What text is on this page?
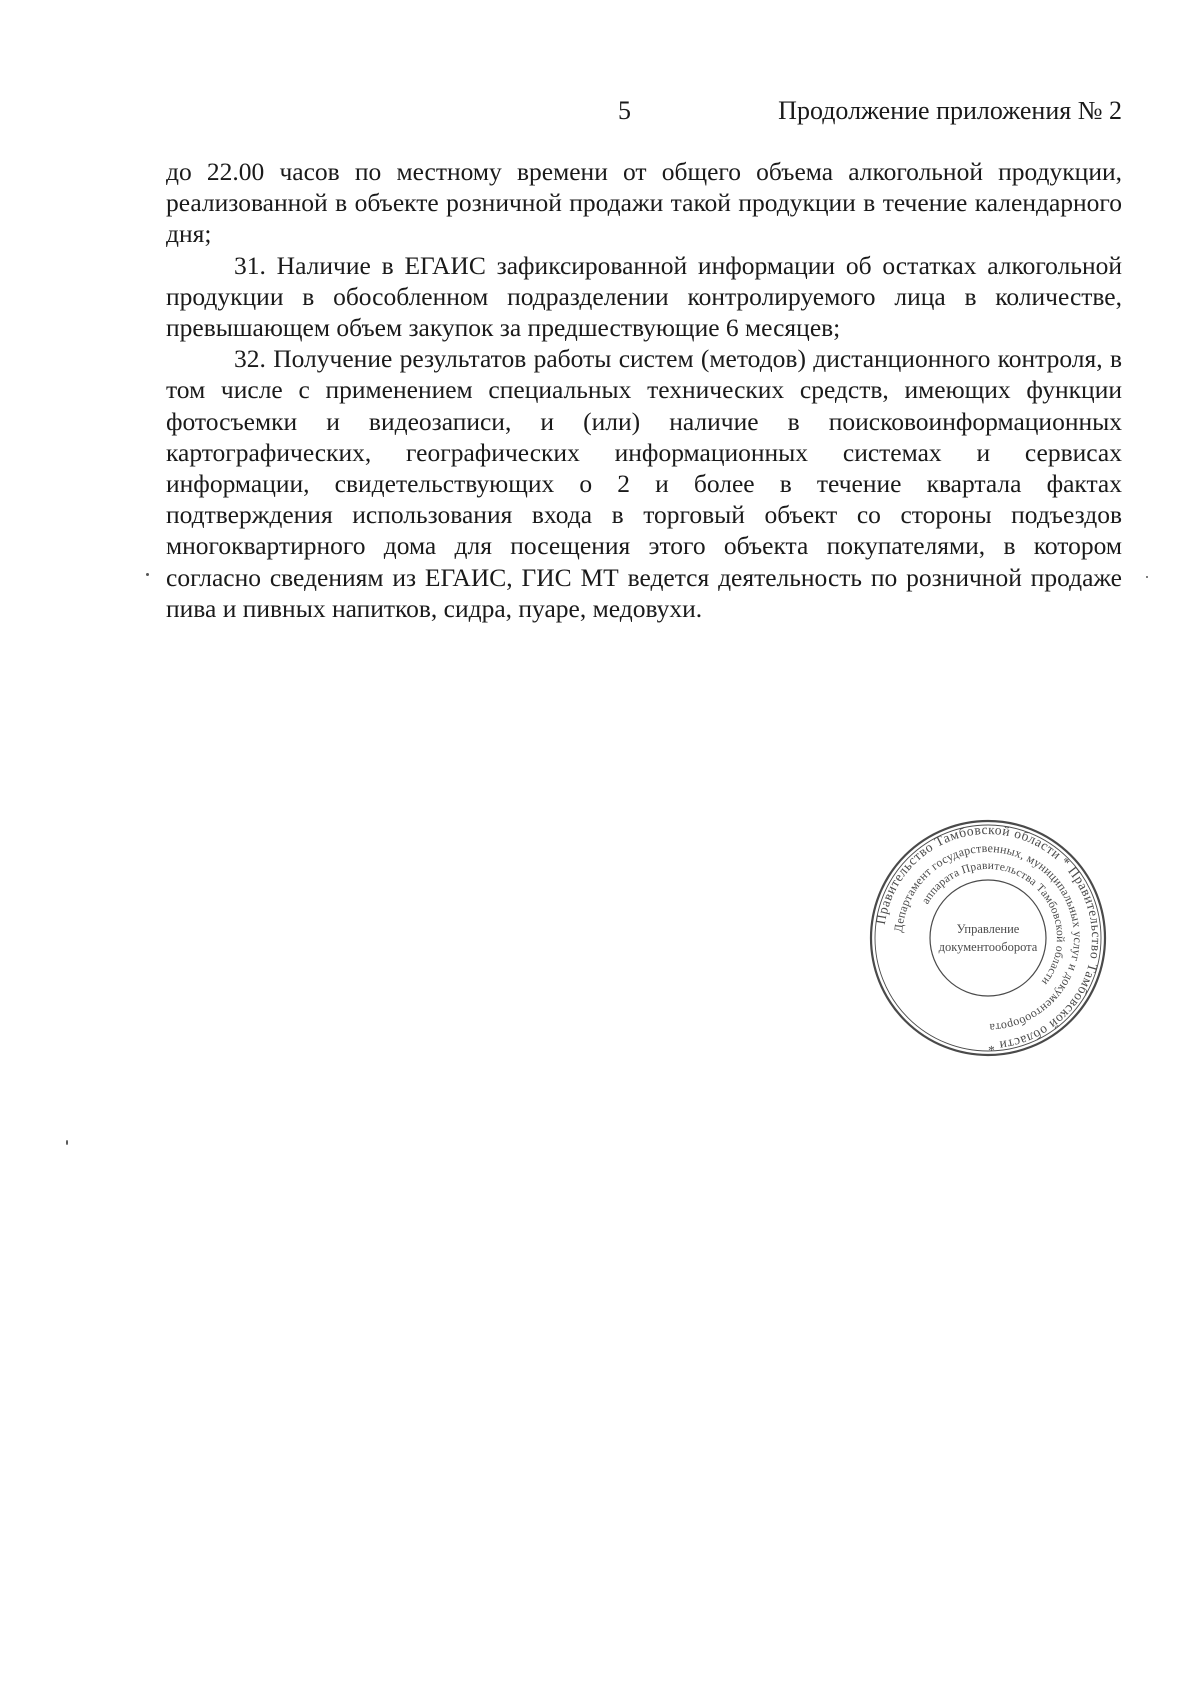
5	Продолжение приложения № 2

до 22.00 часов по местному времени от общего объема алкогольной продукции, реализованной в объекте розничной продажи такой продукции в течение календарного дня;

31. Наличие в ЕГАИС зафиксированной информации об остатках алкогольной продукции в обособленном подразделении контролируемого лица в количестве, превышающем объем закупок за предшествующие 6 месяцев;

32. Получение результатов работы систем (методов) дистанционного контроля, в том числе с применением специальных технических средств, имеющих функции фотосъемки и видеозаписи, и (или) наличие в поисковоинформационных картографических, географических информационных системах и сервисах информации, свидетельствующих о 2 и более в течение квартала фактах подтверждения использования входа в торговый объект со стороны подъездов многоквартирного дома для посещения этого объекта покупателями, в котором согласно сведениям из ЕГАИС, ГИС МТ ведется деятельность по розничной продаже пива и пивных напитков, сидра, пуаре, медовухи.

Правительство Тамбовской области * Правительство Тамбовской области *
Департамент государственных, муниципальных услуг и документооборота
аппарата Правительства Тамбовской области
Управление
документооборота
